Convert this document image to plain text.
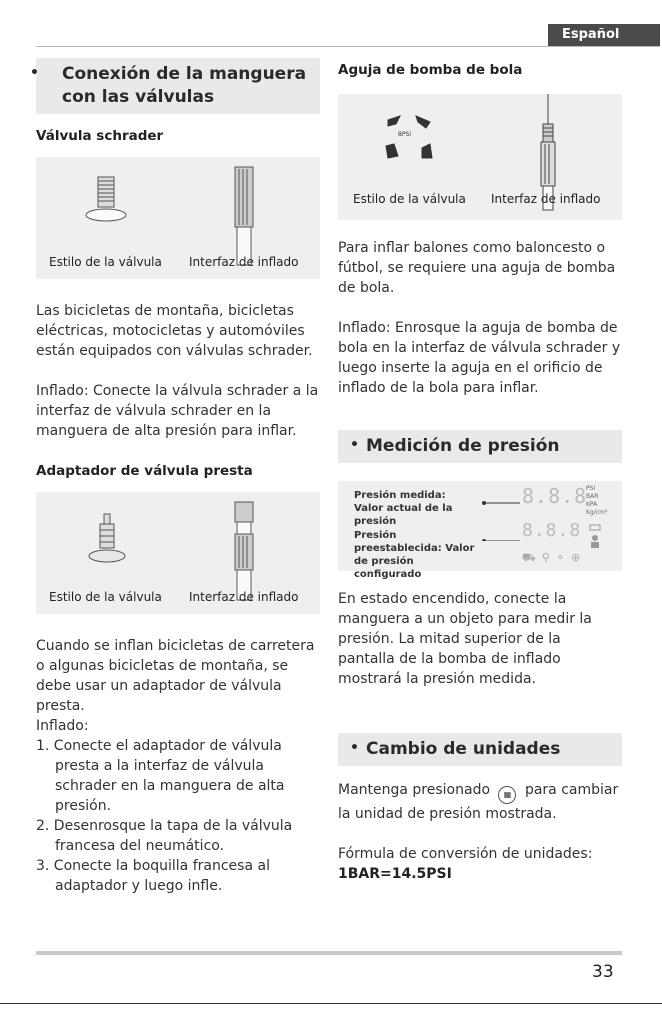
Español
• Conexión de la manguera con las válvulas
Válvula schrader
Estilo de la válvula Interfaz de inflado
Las bicicletas de montaña, bicicletas eléctricas, motocicletas y automóviles están equipados con válvulas schrader.
Inflado: Conecte la válvula schrader a la interfaz de válvula schrader en la manguera de alta presión para inflar.
Adaptador de válvula presta
Estilo de la válvula Interfaz de inflado
Cuando se inflan bicicletas de carretera o algunas bicicletas de montaña, se debe usar un adaptador de válvula presta.
Inflado:
1. Conecte el adaptador de válvula presta a la interfaz de válvula schrader en la manguera de alta presión.
2. Desenrosque la tapa de la válvula francesa del neumático.
3. Conecte la boquilla francesa al adaptador y luego infle.
Aguja de bomba de bola
8PSI
Estilo de la válvula Interfaz de inflado
Para inflar balones como baloncesto o fútbol, se requiere una aguja de bomba de bola.
Inflado: Enrosque la aguja de bomba de bola en la interfaz de válvula schrader y luego inserte la aguja en el orificio de inflado de la bola para inflar.
• Medición de presión
Presión medida: Valor actual de la presión
Presión preestablecida: Valor de presión configurado
8.8.8
8.8.8
PSI
BAR
KPA
Kg/cm²
⛟⚲⚬⊕
En estado encendido, conecte la manguera a un objeto para medir la presión. La mitad superior de la pantalla de la bomba de inflado mostrará la presión medida.
• Cambio de unidades
Mantenga presionado ▦ para cambiar la unidad de presión mostrada.
Fórmula de conversión de unidades:
1BAR=14.5PSI
33
